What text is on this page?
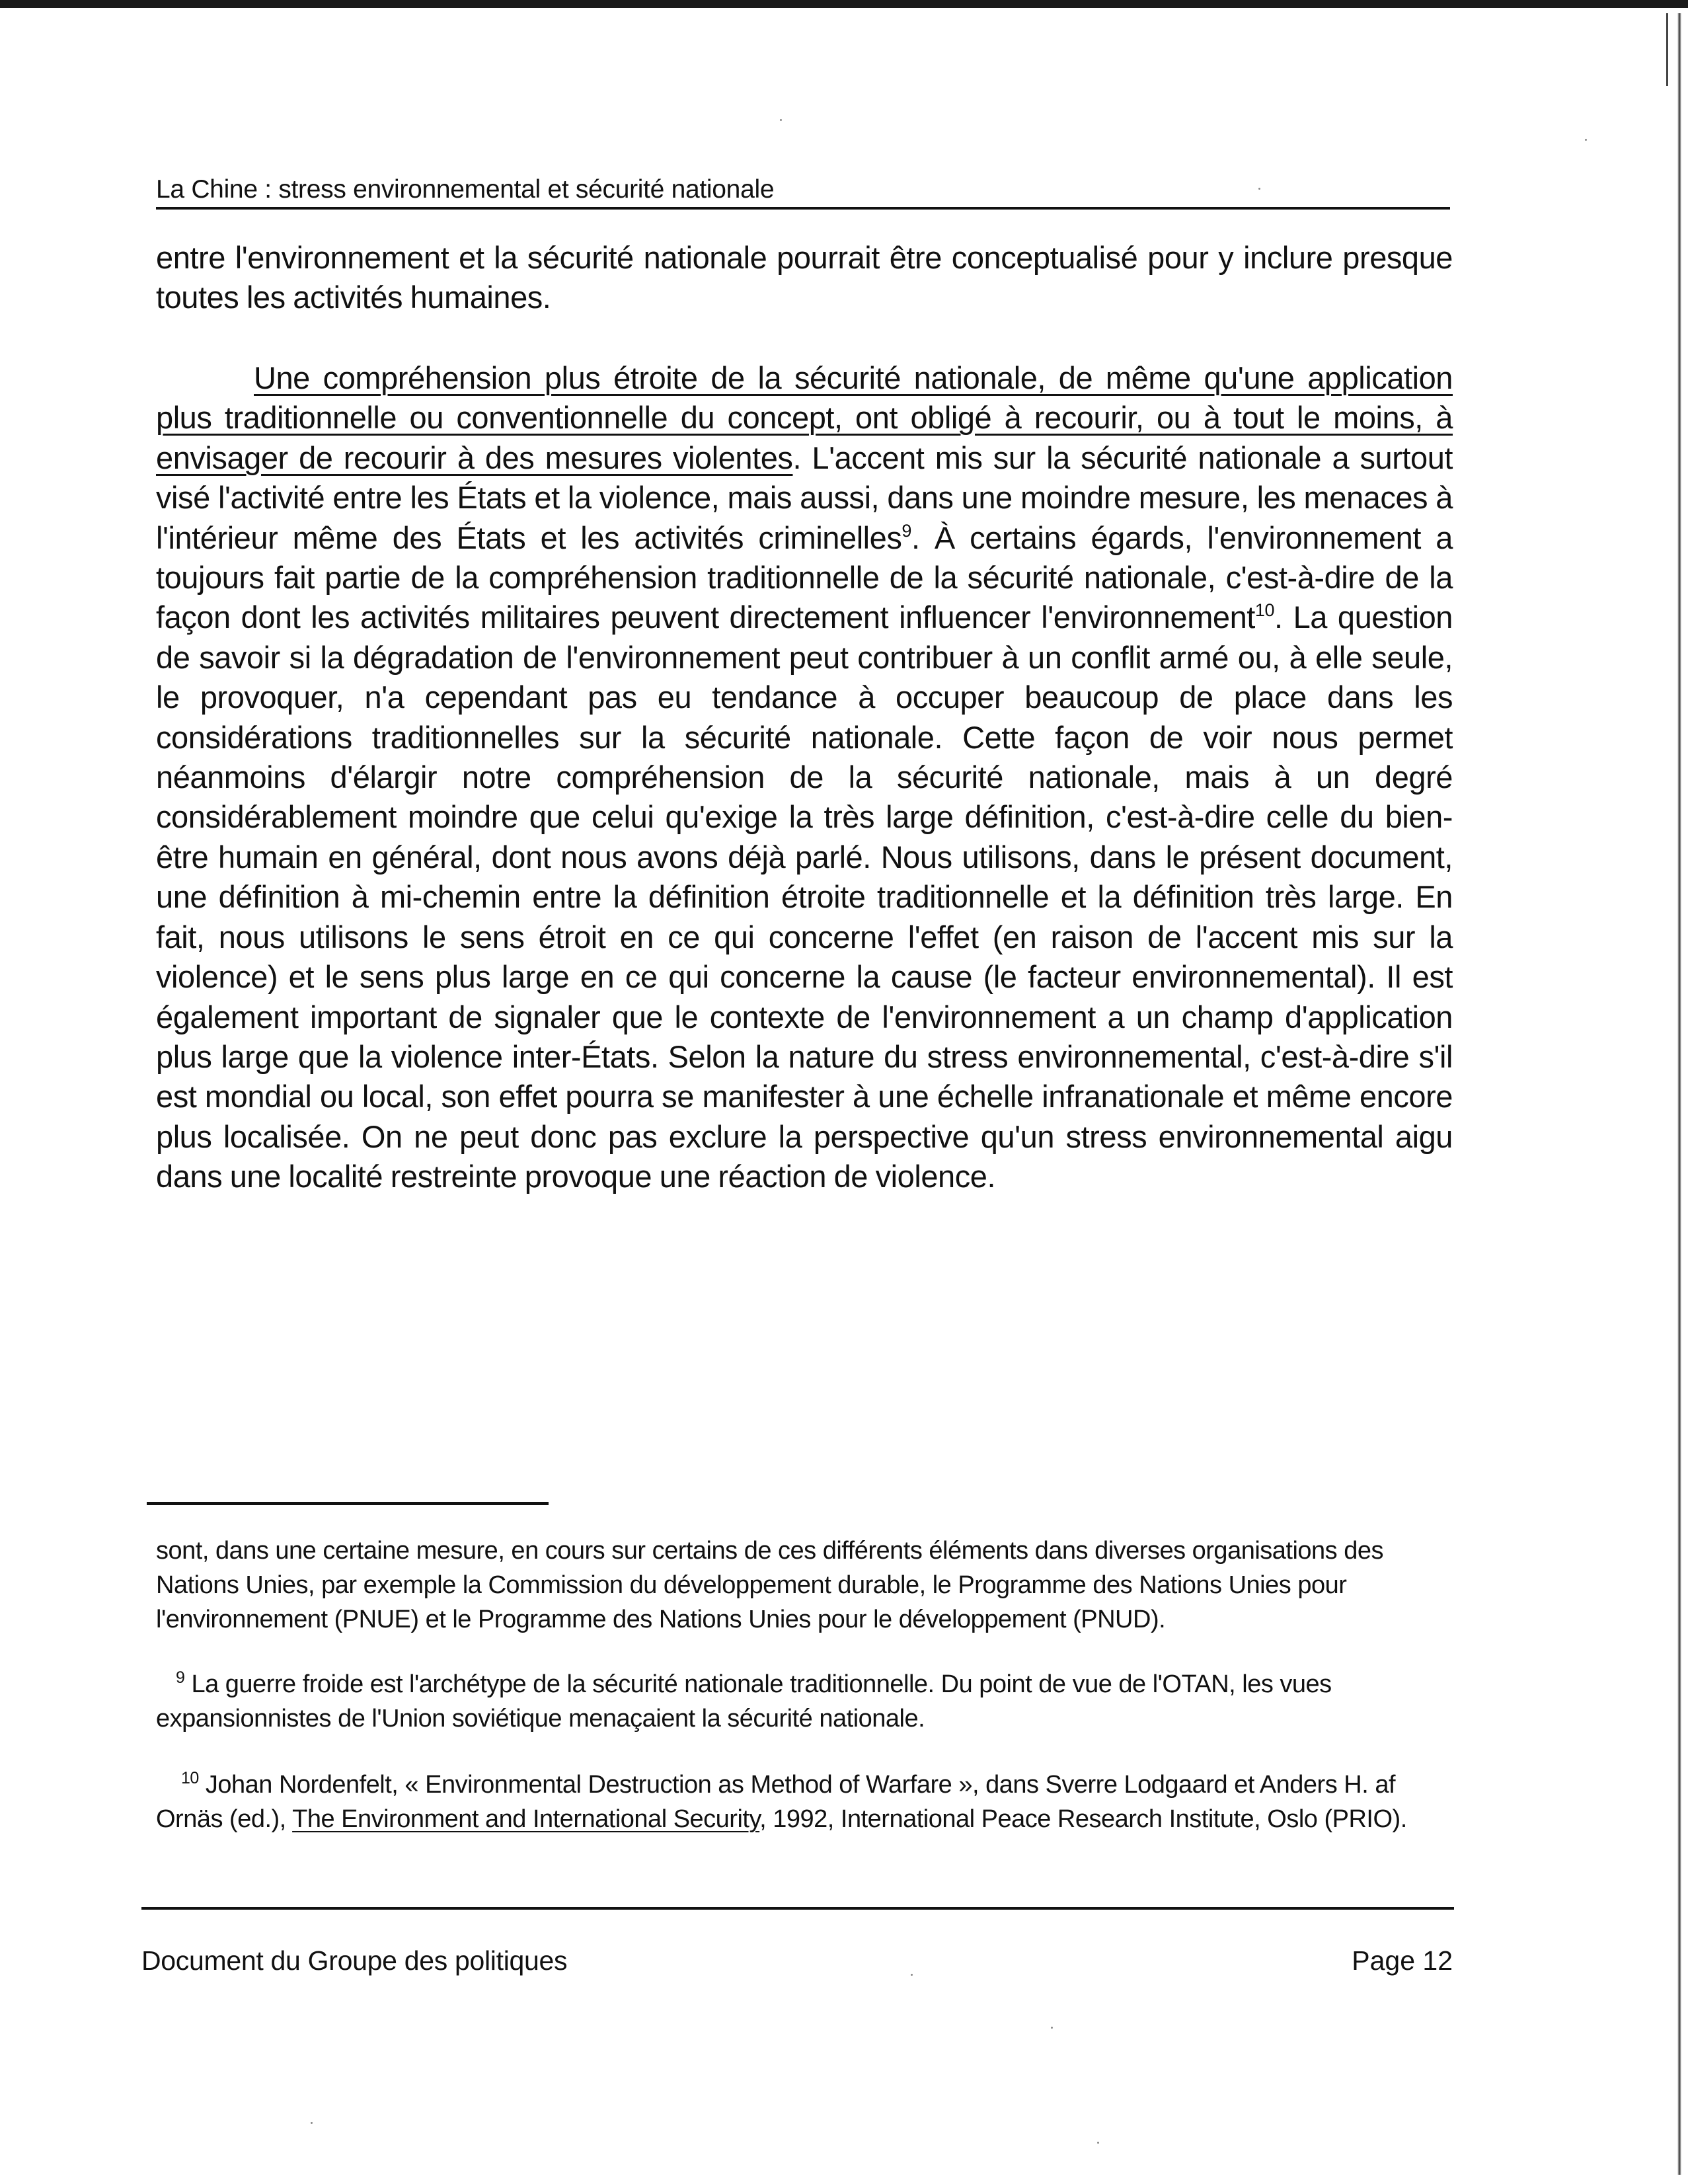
La Chine : stress environnemental et sécurité nationale

entre l'environnement et la sécurité nationale pourrait être conceptualisé pour y inclure presque toutes les activités humaines.

Une compréhension plus étroite de la sécurité nationale, de même qu'une application plus traditionnelle ou conventionnelle du concept, ont obligé à recourir, ou à tout le moins, à envisager de recourir à des mesures violentes. L'accent mis sur la sécurité nationale a surtout visé l'activité entre les États et la violence, mais aussi, dans une moindre mesure, les menaces à l'intérieur même des États et les activités criminelles$^9$. À certains égards, l'environnement a toujours fait partie de la compréhension traditionnelle de la sécurité nationale, c'est-à-dire de la façon dont les activités militaires peuvent directement influencer l'environnement$^{10}$. La question de savoir si la dégradation de l'environnement peut contribuer à un conflit armé ou, à elle seule, le provoquer, n'a cependant pas eu tendance à occuper beaucoup de place dans les considérations traditionnelles sur la sécurité nationale. Cette façon de voir nous permet néanmoins d'élargir notre compréhension de la sécurité nationale, mais à un degré considérablement moindre que celui qu'exige la très large définition, c'est-à-dire celle du bien-être humain en général, dont nous avons déjà parlé. Nous utilisons, dans le présent document, une définition à mi-chemin entre la définition étroite traditionnelle et la définition très large. En fait, nous utilisons le sens étroit en ce qui concerne l'effet (en raison de l'accent mis sur la violence) et le sens plus large en ce qui concerne la cause (le facteur environnemental). Il est également important de signaler que le contexte de l'environnement a un champ d'application plus large que la violence inter-États. Selon la nature du stress environnemental, c'est-à-dire s'il est mondial ou local, son effet pourra se manifester à une échelle infranationale et même encore plus localisée. On ne peut donc pas exclure la perspective qu'un stress environnemental aigu dans une localité restreinte provoque une réaction de violence.

sont, dans une certaine mesure, en cours sur certains de ces différents éléments dans diverses organisations des Nations Unies, par exemple la Commission du développement durable, le Programme des Nations Unies pour l'environnement (PNUE) et le Programme des Nations Unies pour le développement (PNUD).

$^9$ La guerre froide est l'archétype de la sécurité nationale traditionnelle. Du point de vue de l'OTAN, les vues expansionnistes de l'Union soviétique menaçaient la sécurité nationale.

$^{10}$ Johan Nordenfelt, « Environmental Destruction as Method of Warfare », dans Sverre Lodgaard et Anders H. af Ornäs (ed.), The Environment and International Security, 1992, International Peace Research Institute, Oslo (PRIO).

Document du Groupe des politiques	Page 12
